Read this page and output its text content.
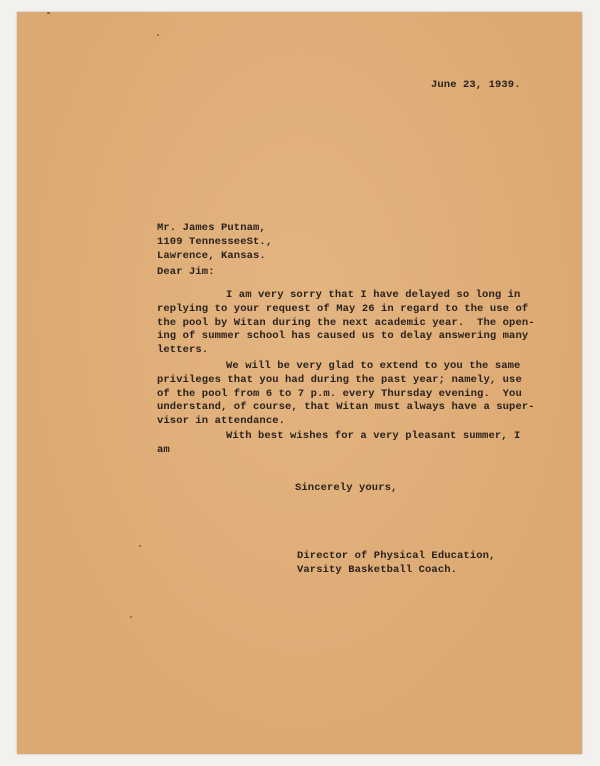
June 23, 1939.
Mr. James Putnam,
1109 TennesseeSt.,
Lawrence, Kansas.
Dear Jim:
I am very sorry that I have delayed so long in
replying to your request of May 26 in regard to the use of
the pool by Witan during the next academic year.  The open-
ing of summer school has caused us to delay answering many
letters.
We will be very glad to extend to you the same
privileges that you had during the past year; namely, use
of the pool from 6 to 7 p.m. every Thursday evening.  You
understand, of course, that Witan must always have a super-
visor in attendance.
With best wishes for a very pleasant summer, I
am
Sincerely yours,
Director of Physical Education,
Varsity Basketball Coach.
